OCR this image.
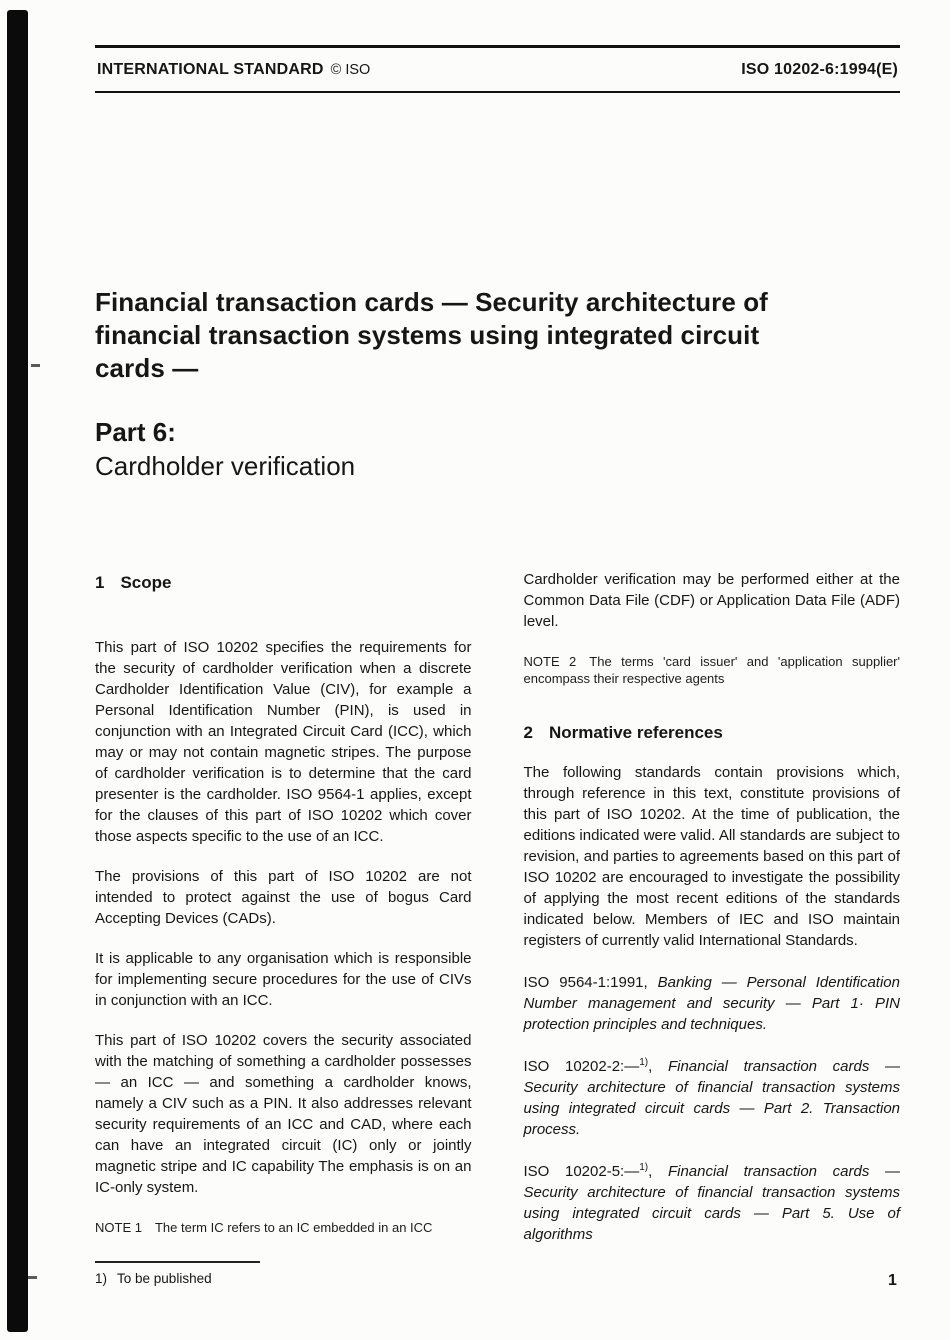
INTERNATIONAL STANDARD © ISO	ISO 10202-6:1994(E)
Financial transaction cards — Security architecture of
financial transaction systems using integrated circuit
cards —
Part 6:
Cardholder verification
1 Scope

This part of ISO 10202 specifies the requirements for the security of cardholder verification when a discrete Cardholder Identification Value (CIV), for example a Personal Identification Number (PIN), is used in conjunction with an Integrated Circuit Card (ICC), which may or may not contain magnetic stripes. The purpose of cardholder verification is to determine that the card presenter is the cardholder. ISO 9564-1 applies, except for the clauses of this part of ISO 10202 which cover those aspects specific to the use of an ICC.

The provisions of this part of ISO 10202 are not intended to protect against the use of bogus Card Accepting Devices (CADs).

It is applicable to any organisation which is responsible for implementing secure procedures for the use of CIVs in conjunction with an ICC.

This part of ISO 10202 covers the security associated with the matching of something a cardholder possesses — an ICC — and something a cardholder knows, namely a CIV such as a PIN. It also addresses relevant security requirements of an ICC and CAD, where each can have an integrated circuit (IC) only or jointly magnetic stripe and IC capability The emphasis is on an IC-only system.

NOTE 1 The term IC refers to an IC embedded in an ICC
1) To be published

Cardholder verification may be performed either at the Common Data File (CDF) or Application Data File (ADF) level.

NOTE 2 The terms 'card issuer' and 'application supplier' encompass their respective agents
2 Normative references

The following standards contain provisions which, through reference in this text, constitute provisions of this part of ISO 10202. At the time of publication, the editions indicated were valid. All standards are subject to revision, and parties to agreements based on this part of ISO 10202 are encouraged to investigate the possibility of applying the most recent editions of the standards indicated below. Members of IEC and ISO maintain registers of currently valid International Standards.

ISO 9564-1:1991, Banking — Personal Identification Number management and security — Part 1· PIN protection principles and techniques.

ISO 10202-2:—$^{1)}$, Financial transaction cards — Security architecture of financial transaction systems using integrated circuit cards — Part 2. Transaction process.

ISO 10202-5:—$^{1)}$, Financial transaction cards — Security architecture of financial transaction systems using integrated circuit cards — Part 5. Use of algorithms

1
